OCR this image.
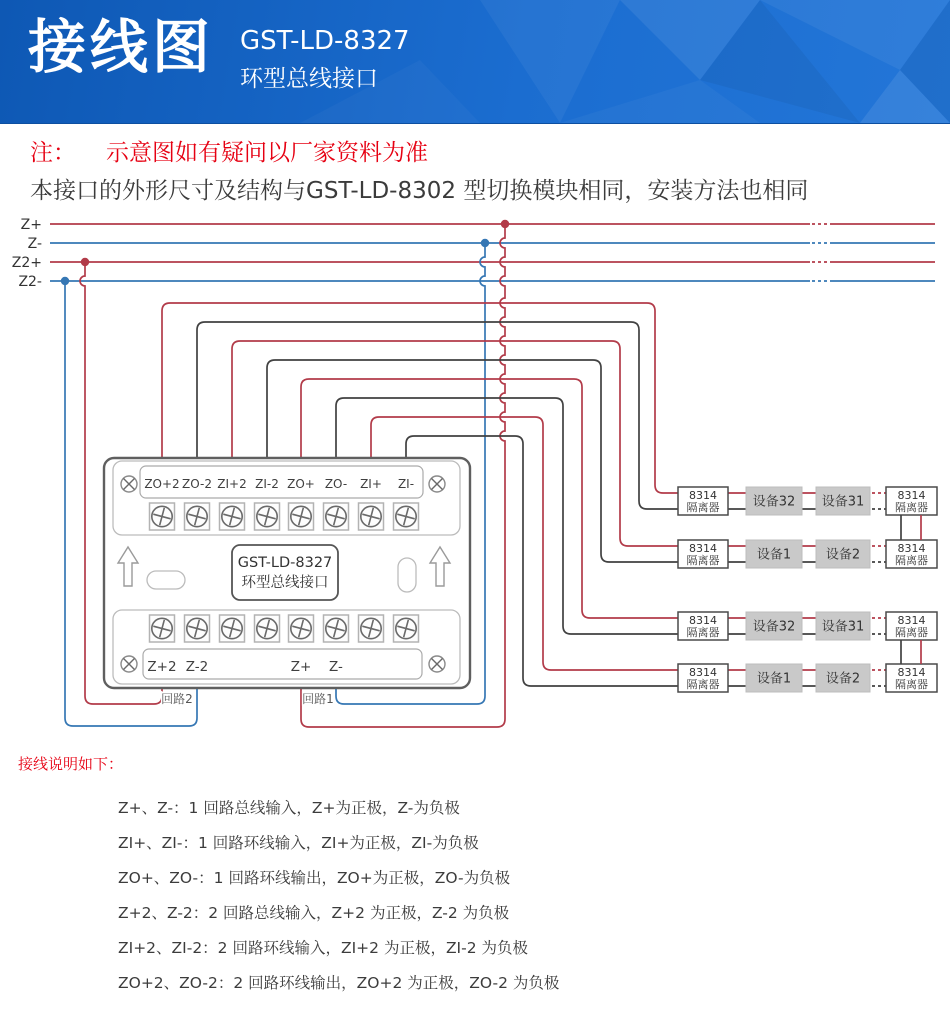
接线图 GST-LD-8327
环型总线接口
注： 示意图如有疑问以厂家资料为准
本接口的外形尺寸及结构与GST-LD-8302 型切换模块相同，安装方法也相同
Z+
Z-
Z2+
Z2-
ZO+2 ZO-2 ZI+2 ZI-2 ZO+ ZO- ZI+ ZI-
Z+2 Z-2	Z+ Z-
GST-LD-8327
环型总线接口
回路2	回路1
8314
隔离器	设备32 设备31	8314
隔离器
8314
隔离器	设备1	设备2	8314
隔离器
8314
隔离器	设备32 设备31	8314
隔离器
8314
隔离器	设备1	设备2	8314
隔离器
接线说明如下：
Z+、Z-：1 回路总线输入，Z+为正极，Z-为负极
ZI+、ZI-：1 回路环线输入，ZI+为正极，ZI-为负极
ZO+、ZO-：1 回路环线输出，ZO+为正极，ZO-为负极
Z+2、Z-2：2 回路总线输入，Z+2 为正极，Z-2 为负极
ZI+2、ZI-2：2 回路环线输入，ZI+2 为正极，ZI-2 为负极
ZO+2、ZO-2：2 回路环线输出，ZO+2 为正极，ZO-2 为负极
